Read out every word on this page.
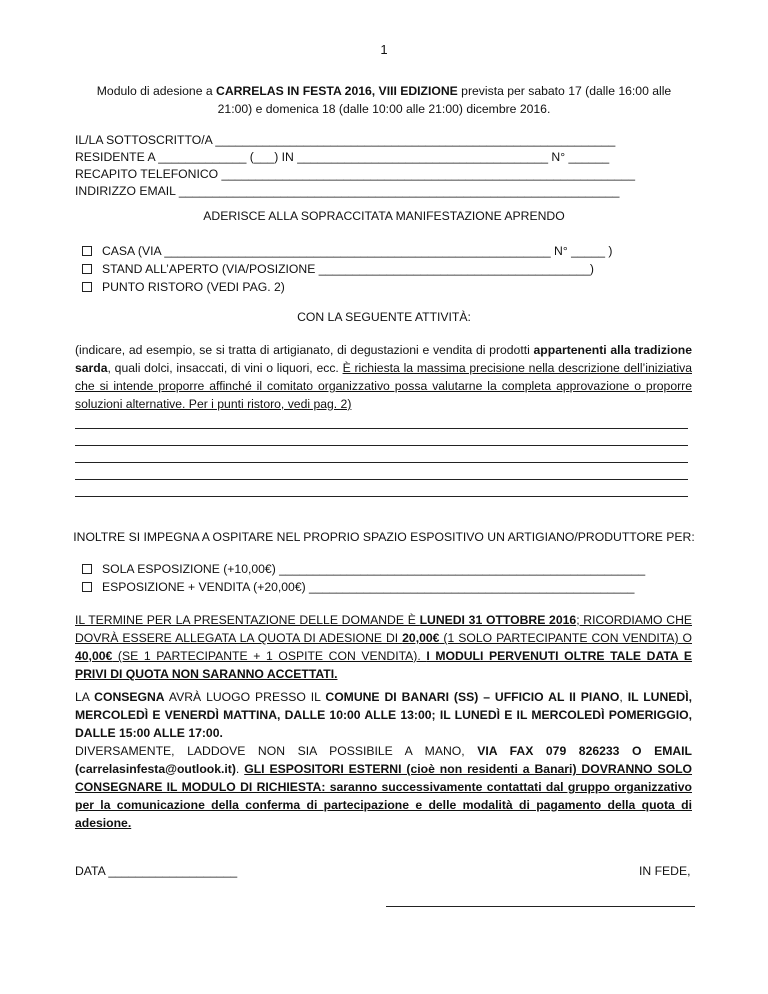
1
Modulo di adesione a CARRELAS IN FESTA 2016, VIII EDIZIONE prevista per sabato 17 (dalle 16:00 alle 21:00) e domenica 18 (dalle 10:00 alle 21:00) dicembre 2016.
IL/LA SOTTOSCRITTO/A ___________________________________________________________
RESIDENTE A _____________ (___) IN _____________________________________ N° ______
RECAPITO TELEFONICO _____________________________________________________________
INDIRIZZO EMAIL _________________________________________________________________
ADERISCE ALLA SOPRACCITATA MANIFESTAZIONE APRENDO
CASA (VIA _________________________________________________________ N° _____ )
STAND ALL’APERTO (VIA/POSIZIONE ________________________________________)
PUNTO RISTORO (VEDI PAG. 2)
CON LA SEGUENTE ATTIVITÀ:
(indicare, ad esempio, se si tratta di artigianato, di degustazioni e vendita di prodotti appartenenti alla tradizione sarda, quali dolci, insaccati, di vini o liquori, ecc. È richiesta la massima precisione nella descrizione dell’iniziativa che si intende proporre affinché il comitato organizzativo possa valutarne la completa approvazione o proporre soluzioni alternative. Per i punti ristoro, vedi pag. 2)
INOLTRE SI IMPEGNA A OSPITARE NEL PROPRIO SPAZIO ESPOSITIVO UN ARTIGIANO/PRODUTTORE PER:
SOLA ESPOSIZIONE (+10,00€) ______________________________________________________
ESPOSIZIONE + VENDITA (+20,00€) ________________________________________________
IL TERMINE PER LA PRESENTAZIONE DELLE DOMANDE È LUNEDI 31 OTTOBRE 2016; RICORDIAMO CHE DOVRÀ ESSERE ALLEGATA LA QUOTA DI ADESIONE DI 20,00€ (1 SOLO PARTECIPANTE CON VENDITA) O 40,00€ (SE 1 PARTECIPANTE + 1 OSPITE CON VENDITA). I MODULI PERVENUTI OLTRE TALE DATA E PRIVI DI QUOTA NON SARANNO ACCETTATI.
LA CONSEGNA AVRÀ LUOGO PRESSO IL COMUNE DI BANARI (SS) – UFFICIO AL II PIANO, IL LUNEDÌ, MERCOLEDÌ E VENERDÌ MATTINA, DALLE 10:00 ALLE 13:00; IL LUNEDÌ E IL MERCOLEDÌ POMERIGGIO, DALLE 15:00 ALLE 17:00.
DIVERSAMENTE, LADDOVE NON SIA POSSIBILE A MANO, VIA FAX 079 826233 O EMAIL (carrelasinfesta@outlook.it). GLI ESPOSITORI ESTERNI (cioè non residenti a Banari) DOVRANNO SOLO CONSEGNARE IL MODULO DI RICHIESTA: saranno successivamente contattati dal gruppo organizzativo per la comunicazione della conferma di partecipazione e delle modalità di pagamento della quota di adesione.
DATA ___________________	IN FEDE,
